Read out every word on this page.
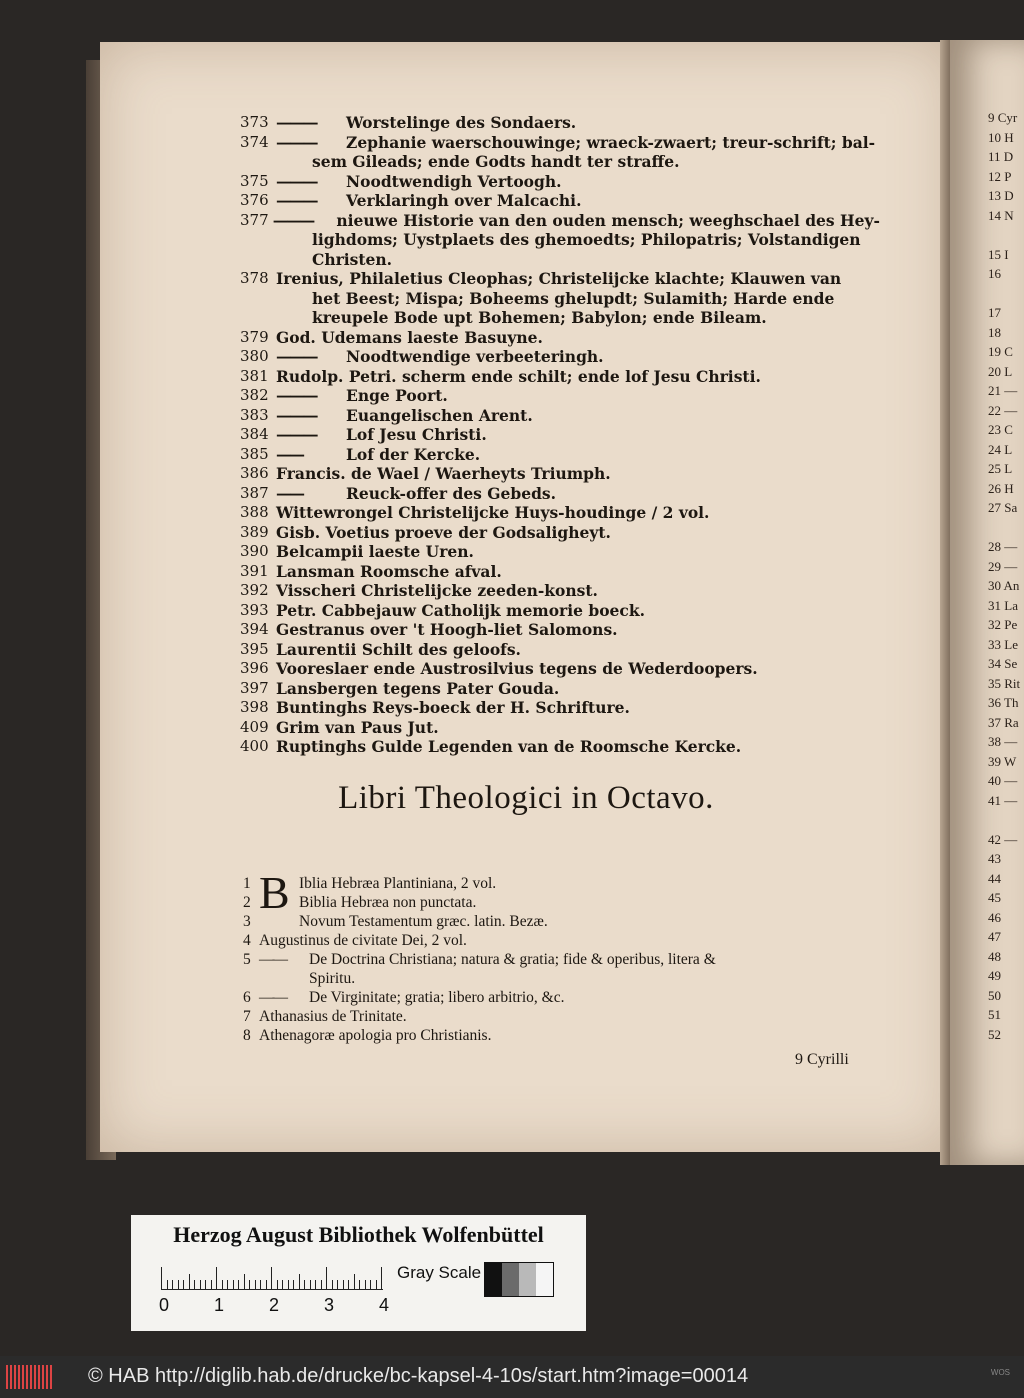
373 ———	Worstelinge des Sondaers.
374 ———	Zephanie waerschouwinge; wraeck-zwaert; treur-schrift; bal-
sem Gileads; ende Godts handt ter straffe.
375 ———	Noodtwendigh Vertoogh.
376 ———	Verklaringh over Malcachi.
377 ———	nieuwe Historie van den ouden mensch; weeghschael des Hey-
lighdoms; Uystplaets des ghemoedts; Philopatris; Volstandigen
Christen.
378 Irenius, Philaletius Cleophas; Christelijcke klachte; Klauwen van
het Beest; Mispa; Boheems ghelupdt; Sulamith; Harde ende
kreupele Bode upt Bohemen; Babylon; ende Bileam.
379 God. Udemans laeste Basuyne.
380 ———	Noodtwendige verbeeteringh.
381 Rudolp. Petri. scherm ende schilt; ende lof Jesu Christi.
382 ———	Enge Poort.
383 ———	Euangelischen Arent.
384 ———	Lof Jesu Christi.
385 ——	Lof der Kercke.
386 Francis. de Wael / Waerheyts Triumph.
387 ——	Reuck-offer des Gebeds.
388 Wittewrongel Christelijcke Huys-houdinge / 2 vol.
389 Gisb. Voetius proeve der Godsaligheyt.
390 Belcampii laeste Uren.
391 Lansman Roomsche afval.
392 Visscheri Christelijcke zeeden-konst.
393 Petr. Cabbejauw Catholijk memorie boeck.
394 Gestranus over 't Hoogh-liet Salomons.
395 Laurentii Schilt des geloofs.
396 Vooreslaer ende Austrosilvius tegens de Wederdoopers.
397 Lansbergen tegens Pater Gouda.
398 Buntinghs Reys-boeck der H. Schrifture.
409 Grim van Paus Jut.
400 Ruptinghs Gulde Legenden van de Roomsche Kercke.
Libri Theologici in Octavo.
B
1	Iblia Hebræa Plantiniana, 2 vol.
2	Biblia Hebræa non punctata.
3	Novum Testamentum græc. latin. Bezæ.
4 Augustinus de civitate Dei, 2 vol.
5 ——	De Doctrina Christiana; natura & gratia; fide & operibus, litera &
Spiritu.
6 ——	De Virginitate; gratia; libero arbitrio, &c.
7 Athanasius de Trinitate.
8 Athenagoræ apologia pro Christianis.
9 Cyrilli
9 Cyr
10 H
11 D
12 P
13 D
14 N
15 I
16
17
18
19 C
20 L
21 —
22 —
23 C
24 L
25 L
26 H
27 Sa
28 —
29 —
30 An
31 La
32 Pe
33 Le
34 Se
35 Rit
36 Th
37 Ra
38 —
39 W
40 —
41 —
42 —
43
44
45
46
47
48
49
50
51
52
Herzog August Bibliothek Wolfenbüttel
0 1 2 3 4
Gray Scale
© HAB http://diglib.hab.de/drucke/bc-kapsel-4-10s/start.htm?image=00014	WOS
